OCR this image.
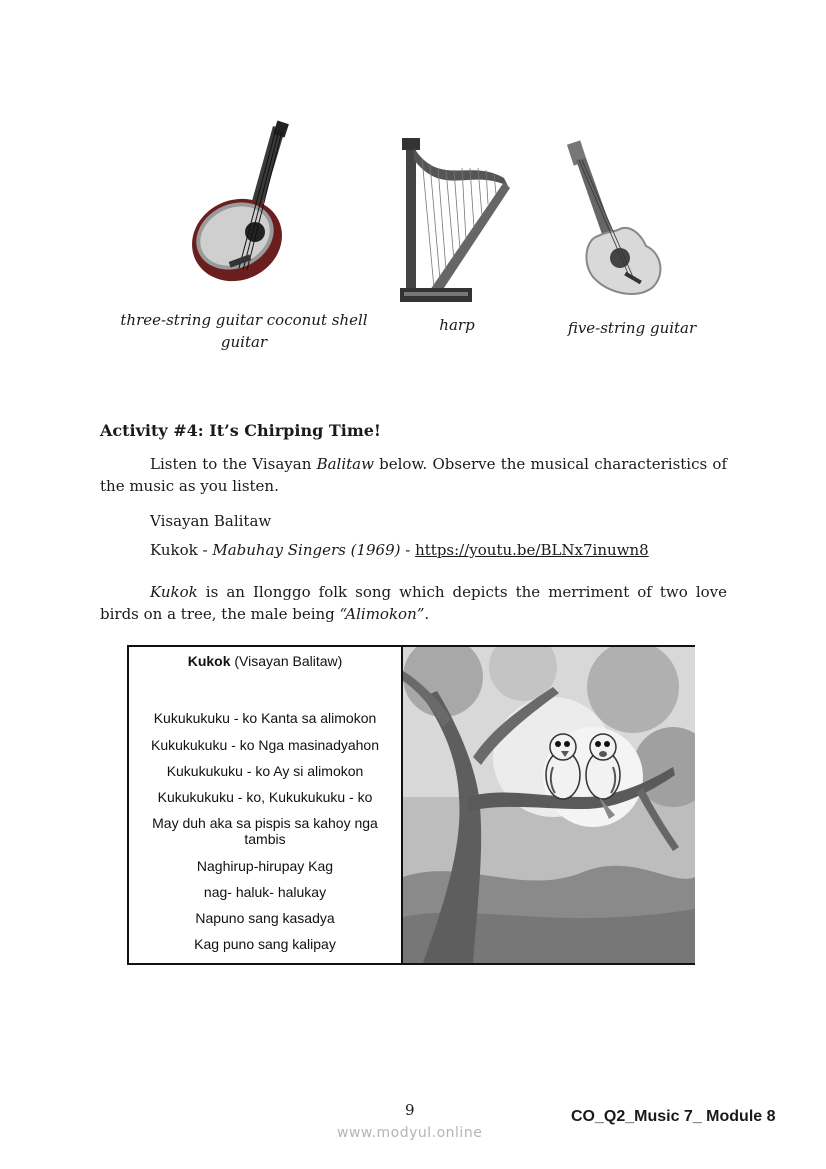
three-string guitar coconut shell
guitar
harp	five-string guitar
Activity #4: It’s Chirping Time!
Listen to the Visayan Balitaw below. Observe the musical characteristics of the music as you listen.
Visayan Balitaw
Kukok - Mabuhay Singers (1969) - https://youtu.be/BLNx7inuwn8
Kukok is an Ilonggo folk song which depicts the merriment of two love birds on a tree, the male being “Alimokon”.
Kukok (Visayan Balitaw)
Kukukukuku - ko Kanta sa alimokon
Kukukukuku - ko Nga masinadyahon
Kukukukuku - ko Ay si alimokon
Kukukukuku - ko, Kukukukuku - ko
May duh aka sa pispis sa kahoy nga tambis
Naghirup-hirupay Kag
nag- haluk- halukay
Napuno sang kasadya
Kag puno sang kalipay
9	CO_Q2_Music 7_ Module 8
www.modyul.online
